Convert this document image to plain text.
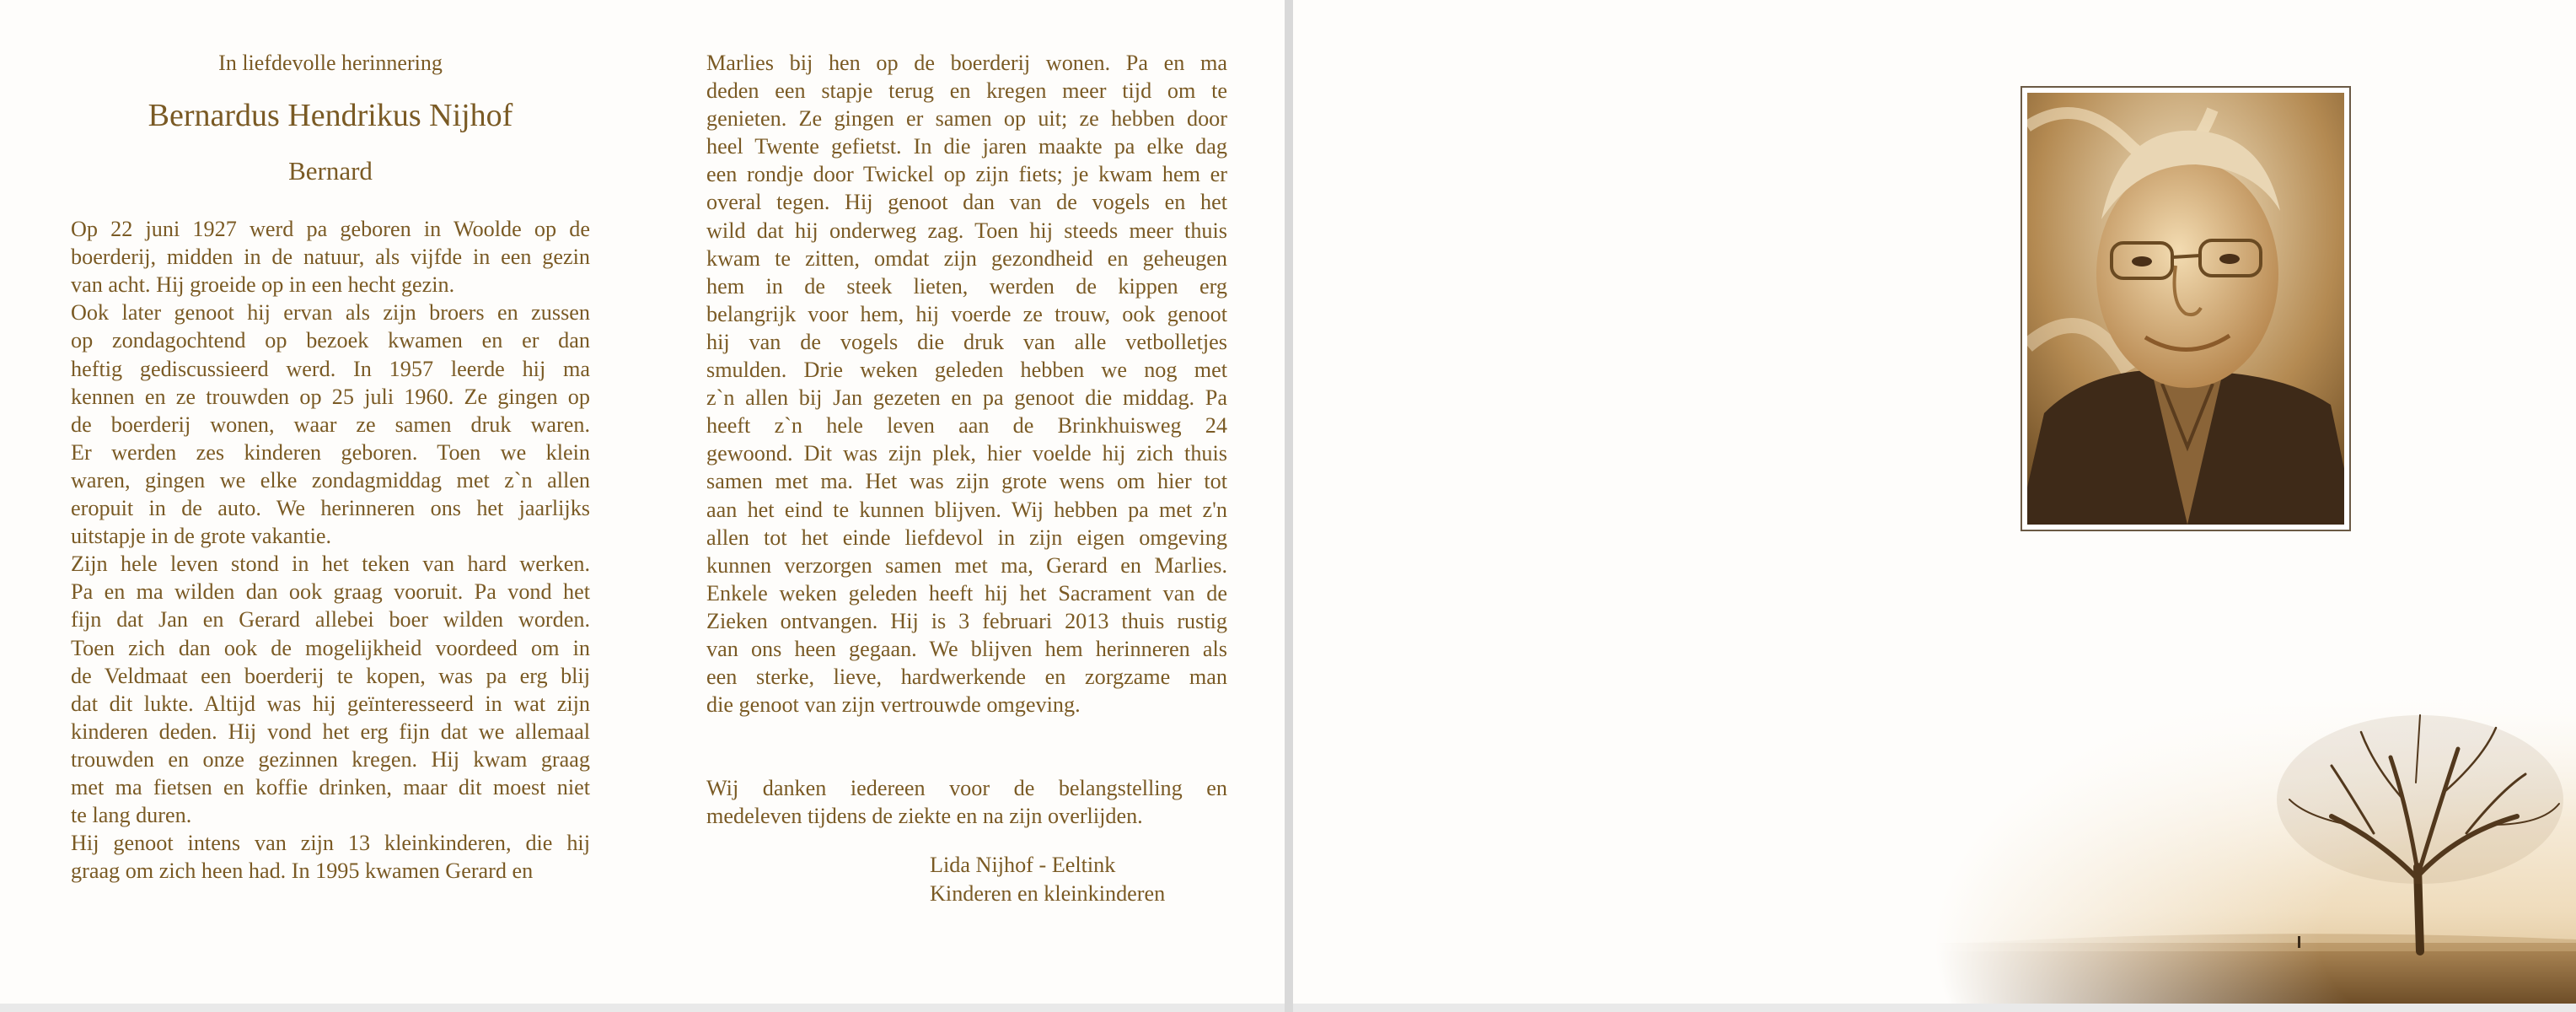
In liefdevolle herinnering

Bernardus Hendrikus Nijhof

Bernard

Op 22 juni 1927 werd pa geboren in Woolde op de

boerderij, midden in de natuur, als vijfde in een gezin

van acht. Hij groeide op in een hecht gezin.

Ook later genoot hij ervan als zijn broers en zussen

op zondagochtend op bezoek kwamen en er dan

heftig gediscussieerd werd. In 1957 leerde hij ma

kennen en ze trouwden op 25 juli 1960. Ze gingen op

de boerderij wonen, waar ze samen druk waren.

Er werden zes kinderen geboren. Toen we klein

waren, gingen we elke zondagmiddag met z`n allen

eropuit in de auto. We herinneren ons het jaarlijks

uitstapje in de grote vakantie.

Zijn hele leven stond in het teken van hard werken.

Pa en ma wilden dan ook graag vooruit. Pa vond het

fijn dat Jan en Gerard allebei boer wilden worden.

Toen zich dan ook de mogelijkheid voordeed om in

de Veldmaat een boerderij te kopen, was pa erg blij

dat dit lukte. Altijd was hij geïnteresseerd in wat zijn

kinderen deden. Hij vond het erg fijn dat we allemaal

trouwden en onze gezinnen kregen. Hij kwam graag

met ma fietsen en koffie drinken, maar dit moest niet

te lang duren.

Hij genoot intens van zijn 13 kleinkinderen, die hij

graag om zich heen had. In 1995 kwamen Gerard en

Marlies bij hen op de boerderij wonen. Pa en ma

deden een stapje terug en kregen meer tijd om te

genieten. Ze gingen er samen op uit; ze hebben door

heel Twente gefietst. In die jaren maakte pa elke dag

een rondje door Twickel op zijn fiets; je kwam hem er

overal tegen. Hij genoot dan van de vogels en het

wild dat hij onderweg zag. Toen hij steeds meer thuis

kwam te zitten, omdat zijn gezondheid en geheugen

hem in de steek lieten, werden de kippen erg

belangrijk voor hem, hij voerde ze trouw, ook genoot

hij van de vogels die druk van alle vetbolletjes

smulden. Drie weken geleden hebben we nog met

z`n allen bij Jan gezeten en pa genoot die middag. Pa

heeft z`n hele leven aan de Brinkhuisweg 24

gewoond. Dit was zijn plek, hier voelde hij zich thuis

samen met ma. Het was zijn grote wens om hier tot

aan het eind te kunnen blijven. Wij hebben pa met z'n

allen tot het einde liefdevol in zijn eigen omgeving

kunnen verzorgen samen met ma, Gerard en Marlies.

Enkele weken geleden heeft hij het Sacrament van de

Zieken ontvangen. Hij is 3 februari 2013 thuis rustig

van ons heen gegaan. We blijven hem herinneren als

een sterke, lieve, hardwerkende en zorgzame man

die genoot van zijn vertrouwde omgeving.

Wij danken iedereen voor de belangstelling en

medeleven tijdens de ziekte en na zijn overlijden.

Lida Nijhof - Eeltink

Kinderen en kleinkinderen
